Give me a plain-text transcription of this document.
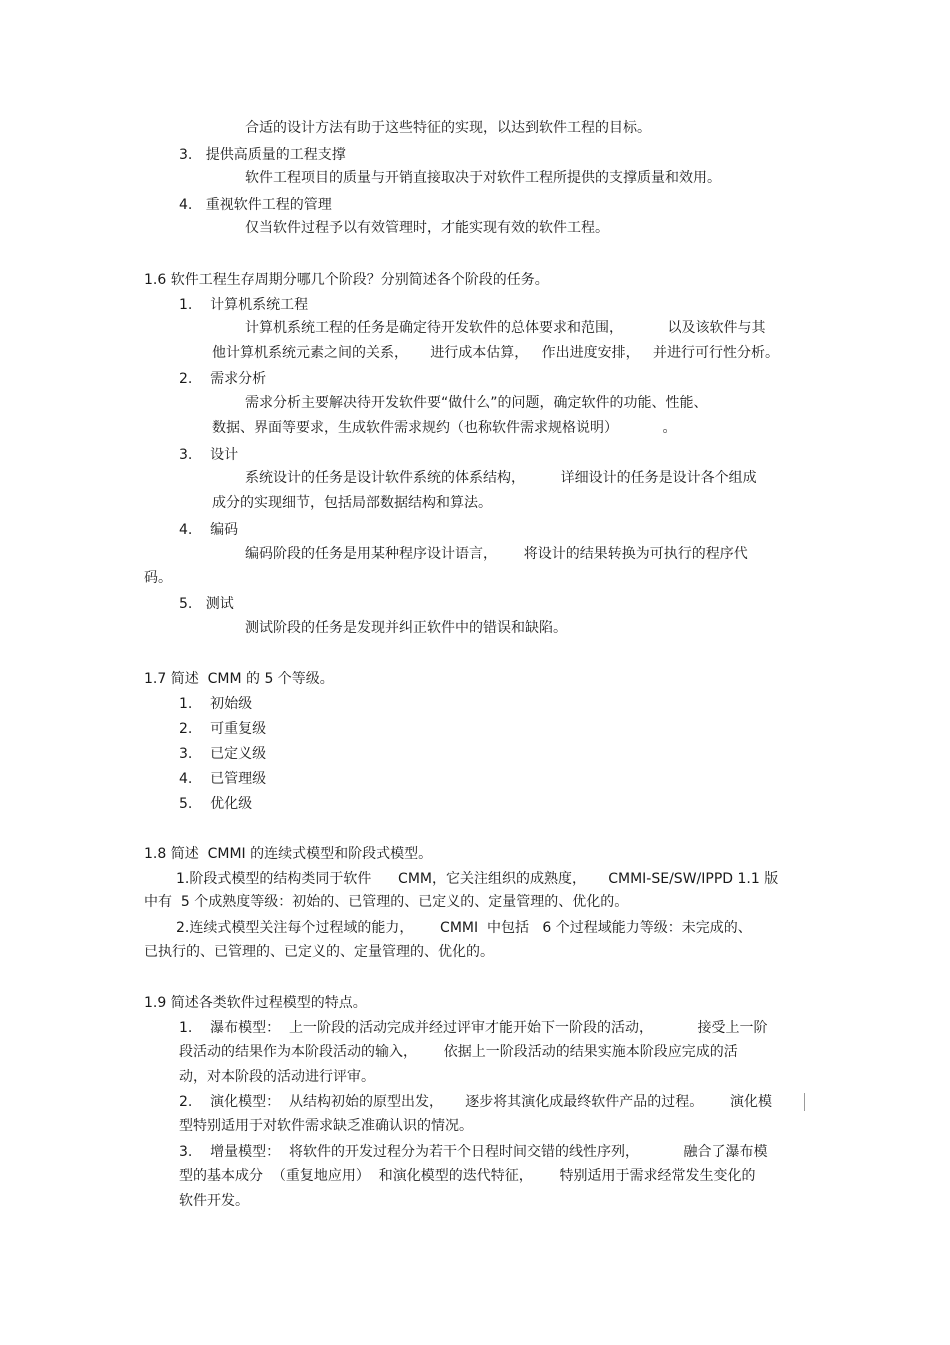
合适的设计方法有助于这些特征的实现，以达到软件工程的目标。
3.   提供高质量的工程支撑
软件工程项目的质量与开销直接取决于对软件工程所提供的支撑质量和效用。
4.   重视软件工程的管理
仅当软件过程予以有效管理时，才能实现有效的软件工程。
1.6 软件工程生存周期分哪几个阶段？分别简述各个阶段的任务。
1.    计算机系统工程
计算机系统工程的任务是确定待开发软件的总体要求和范围，          以及该软件与其
他计算机系统元素之间的关系，     进行成本估算，   作出进度安排，   并进行可行性分析。
2.    需求分析
需求分析主要解决待开发软件要“做什么”的问题，确定软件的功能、性能、
数据、界面等要求，生成软件需求规约（也称软件需求规格说明）          。
3.    设计
系统设计的任务是设计软件系统的体系结构，        详细设计的任务是设计各个组成
成分的实现细节，包括局部数据结构和算法。
4.    编码
编码阶段的任务是用某种程序设计语言，      将设计的结果转换为可执行的程序代
码。
5.   测试
测试阶段的任务是发现并纠正软件中的错误和缺陷。
1.7 简述  CMM 的 5 个等级。
1.    初始级
2.    可重复级
3.    已定义级
4.    已管理级
5.    优化级
1.8 简述  CMMI 的连续式模型和阶段式模型。
1.阶段式模型的结构类同于软件      CMM，它关注组织的成熟度，     CMMI-SE/SW/IPPD 1.1 版
中有  5 个成熟度等级：初始的、已管理的、已定义的、定量管理的、优化的。
2.连续式模型关注每个过程域的能力，      CMMI  中包括   6 个过程域能力等级：未完成的、
已执行的、已管理的、已定义的、定量管理的、优化的。
1.9 简述各类软件过程模型的特点。
1.    瀑布模型：  上一阶段的活动完成并经过评审才能开始下一阶段的活动，          接受上一阶
段活动的结果作为本阶段活动的输入，      依据上一阶段活动的结果实施本阶段应完成的活
动，对本阶段的活动进行评审。
2.    演化模型：  从结构初始的原型出发，     逐步将其演化成最终软件产品的过程。      演化模
型特别适用于对软件需求缺乏准确认识的情况。
3.    增量模型：  将软件的开发过程分为若干个日程时间交错的线性序列，          融合了瀑布模
型的基本成分  （重复地应用）  和演化模型的迭代特征，      特别适用于需求经常发生变化的
软件开发。
